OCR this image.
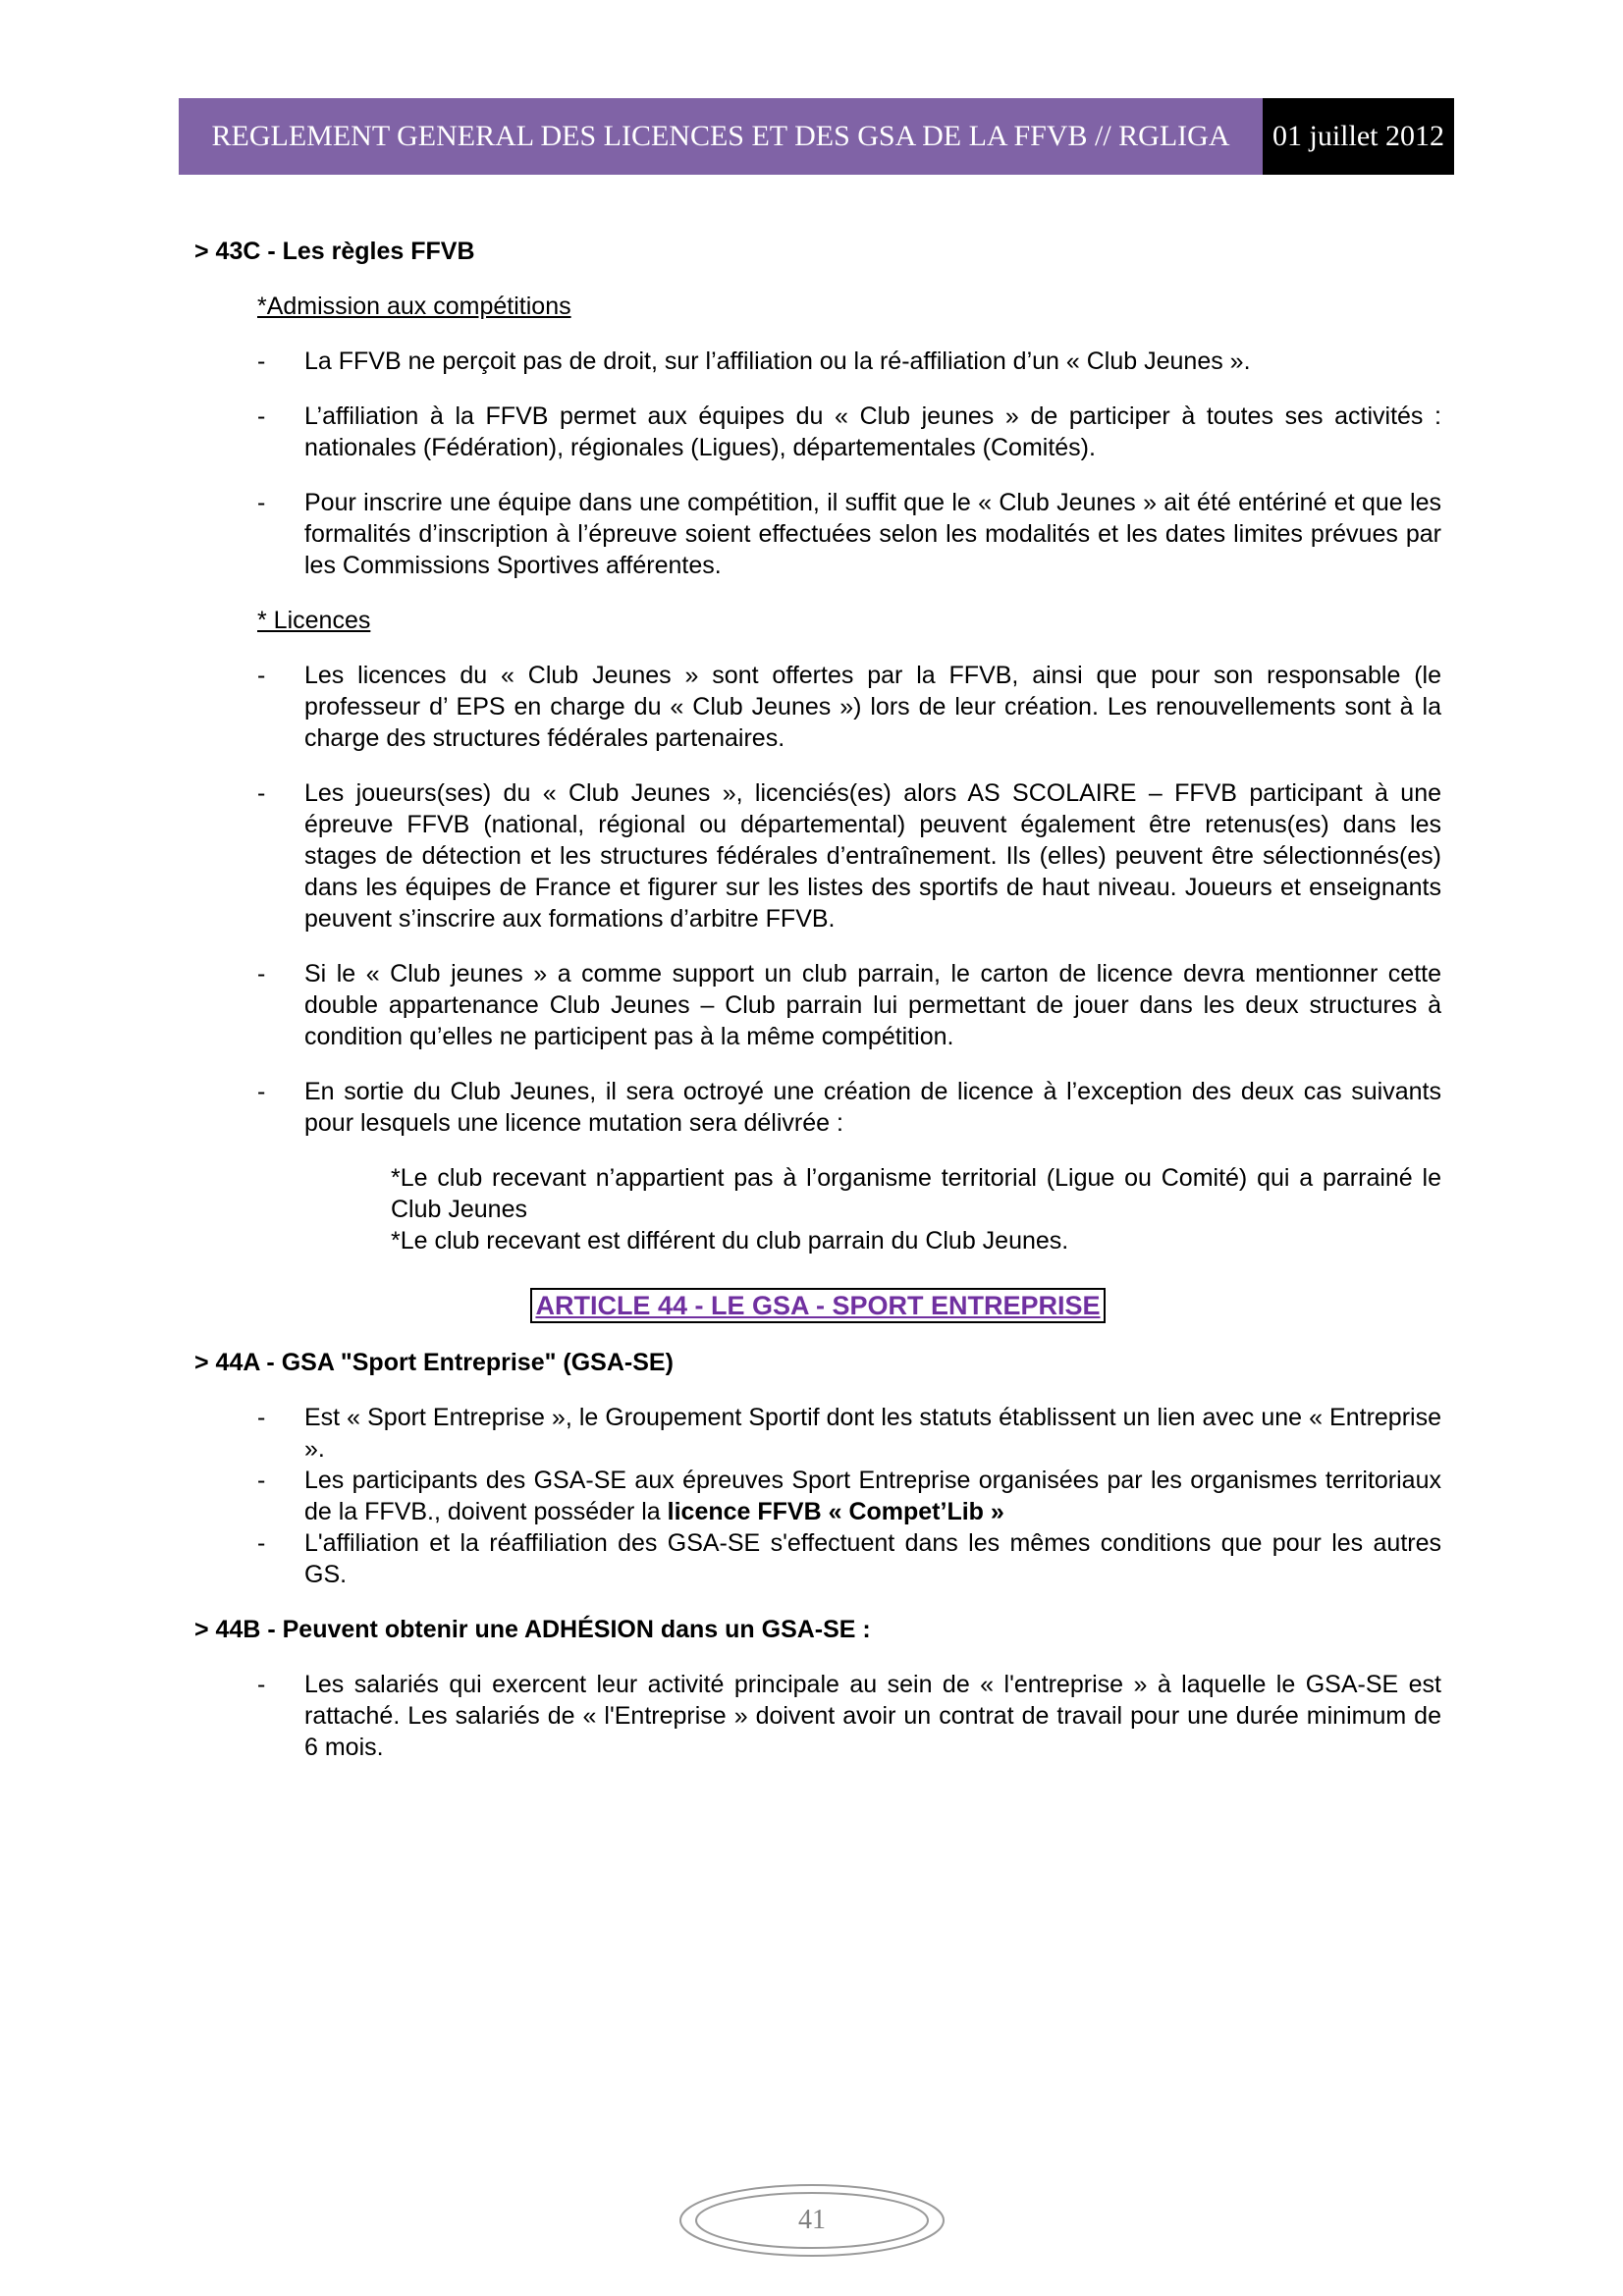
REGLEMENT GENERAL DES LICENCES ET DES GSA DE LA FFVB // RGLIGA	01 juillet 2012

> 43C - Les règles FFVB

*Admission aux compétitions

-	La FFVB ne perçoit pas de droit, sur l’affiliation ou la ré-affiliation d’un « Club Jeunes ».
-	L’affiliation à la FFVB permet aux équipes du « Club jeunes » de participer à toutes ses activités : nationales (Fédération), régionales (Ligues), départementales (Comités).
-	Pour inscrire une équipe dans une compétition, il suffit que le « Club Jeunes » ait été entériné et que les formalités d’inscription à l’épreuve soient effectuées selon les modalités et les dates limites prévues par les Commissions Sportives afférentes.

* Licences

-	Les licences du « Club Jeunes » sont offertes par la FFVB, ainsi que pour son responsable (le professeur d’ EPS en charge du « Club Jeunes ») lors de leur création. Les renouvellements sont à la charge des structures fédérales partenaires.
-	Les joueurs(ses) du « Club Jeunes », licenciés(es) alors AS SCOLAIRE – FFVB participant à une épreuve FFVB (national, régional ou départemental) peuvent également être retenus(es) dans les stages de détection et les structures fédérales d’entraînement. Ils (elles) peuvent être sélectionnés(es) dans les équipes de France et figurer sur les listes des sportifs de haut niveau. Joueurs et enseignants peuvent s’inscrire aux formations d’arbitre FFVB.
-	Si le « Club jeunes » a comme support un club parrain, le carton de licence devra mentionner cette double appartenance Club Jeunes – Club parrain lui permettant de jouer dans les deux structures à condition qu’elles ne participent pas à la même compétition.
-	En sortie du Club Jeunes, il sera octroyé une création de licence à l’exception des deux cas suivants pour lesquels une licence mutation sera délivrée :

*Le club recevant n’appartient pas à l’organisme territorial (Ligue ou Comité) qui a parrainé le Club Jeunes

*Le club recevant est différent du club parrain du Club Jeunes.

ARTICLE 44 - LE GSA - SPORT ENTREPRISE

> 44A - GSA "Sport Entreprise" (GSA-SE)

-	Est « Sport Entreprise », le Groupement Sportif dont les statuts établissent un lien avec une « Entreprise ».
-	Les participants des GSA-SE aux épreuves Sport Entreprise organisées par les organismes territoriaux de la FFVB., doivent posséder la licence FFVB « Compet’Lib »
-	L'affiliation et la réaffiliation des GSA-SE s'effectuent dans les mêmes conditions que pour les autres GS.

> 44B - Peuvent obtenir une ADHÉSION dans un GSA-SE :

-	Les salariés qui exercent leur activité principale au sein de « l'entreprise » à laquelle le GSA-SE est rattaché. Les salariés de « l'Entreprise » doivent avoir un contrat de travail pour une durée minimum de 6 mois.
41
